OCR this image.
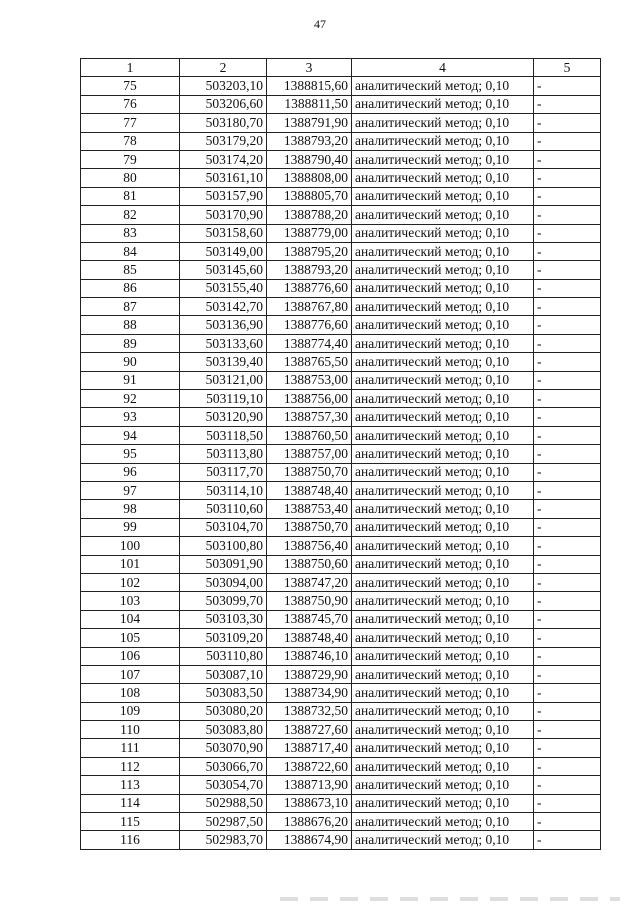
47
1	2	3	4	5
75	503203,10	1388815,60	аналитический метод; 0,10	-
76	503206,60	1388811,50	аналитический метод; 0,10	-
77	503180,70	1388791,90	аналитический метод; 0,10	-
78	503179,20	1388793,20	аналитический метод; 0,10	-
79	503174,20	1388790,40	аналитический метод; 0,10	-
80	503161,10	1388808,00	аналитический метод; 0,10	-
81	503157,90	1388805,70	аналитический метод; 0,10	-
82	503170,90	1388788,20	аналитический метод; 0,10	-
83	503158,60	1388779,00	аналитический метод; 0,10	-
84	503149,00	1388795,20	аналитический метод; 0,10	-
85	503145,60	1388793,20	аналитический метод; 0,10	-
86	503155,40	1388776,60	аналитический метод; 0,10	-
87	503142,70	1388767,80	аналитический метод; 0,10	-
88	503136,90	1388776,60	аналитический метод; 0,10	-
89	503133,60	1388774,40	аналитический метод; 0,10	-
90	503139,40	1388765,50	аналитический метод; 0,10	-
91	503121,00	1388753,00	аналитический метод; 0,10	-
92	503119,10	1388756,00	аналитический метод; 0,10	-
93	503120,90	1388757,30	аналитический метод; 0,10	-
94	503118,50	1388760,50	аналитический метод; 0,10	-
95	503113,80	1388757,00	аналитический метод; 0,10	-
96	503117,70	1388750,70	аналитический метод; 0,10	-
97	503114,10	1388748,40	аналитический метод; 0,10	-
98	503110,60	1388753,40	аналитический метод; 0,10	-
99	503104,70	1388750,70	аналитический метод; 0,10	-
100	503100,80	1388756,40	аналитический метод; 0,10	-
101	503091,90	1388750,60	аналитический метод; 0,10	-
102	503094,00	1388747,20	аналитический метод; 0,10	-
103	503099,70	1388750,90	аналитический метод; 0,10	-
104	503103,30	1388745,70	аналитический метод; 0,10	-
105	503109,20	1388748,40	аналитический метод; 0,10	-
106	503110,80	1388746,10	аналитический метод; 0,10	-
107	503087,10	1388729,90	аналитический метод; 0,10	-
108	503083,50	1388734,90	аналитический метод; 0,10	-
109	503080,20	1388732,50	аналитический метод; 0,10	-
110	503083,80	1388727,60	аналитический метод; 0,10	-
111	503070,90	1388717,40	аналитический метод; 0,10	-
112	503066,70	1388722,60	аналитический метод; 0,10	-
113	503054,70	1388713,90	аналитический метод; 0,10	-
114	502988,50	1388673,10	аналитический метод; 0,10	-
115	502987,50	1388676,20	аналитический метод; 0,10	-
116	502983,70	1388674,90	аналитический метод; 0,10	-
